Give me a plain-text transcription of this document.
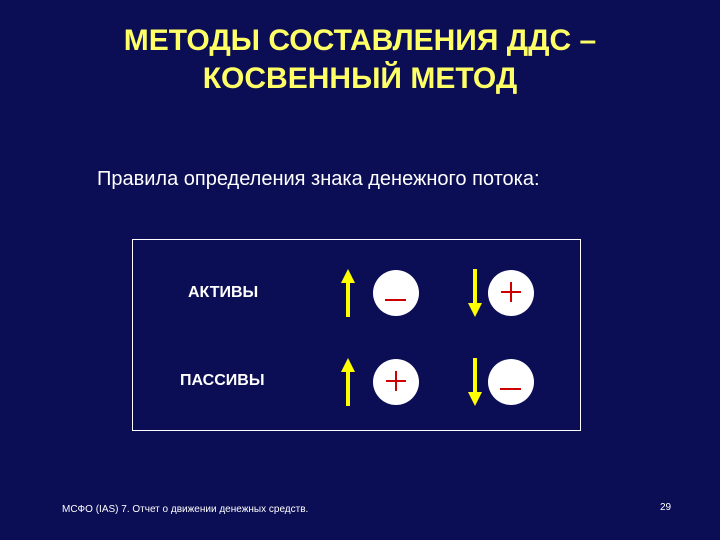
МЕТОДЫ СОСТАВЛЕНИЯ ДДС –
КОСВЕННЫЙ МЕТОД
Правила определения знака денежного потока:
АКТИВЫ
ПАССИВЫ
МСФО (IAS) 7. Отчет о движении денежных средств.	29
